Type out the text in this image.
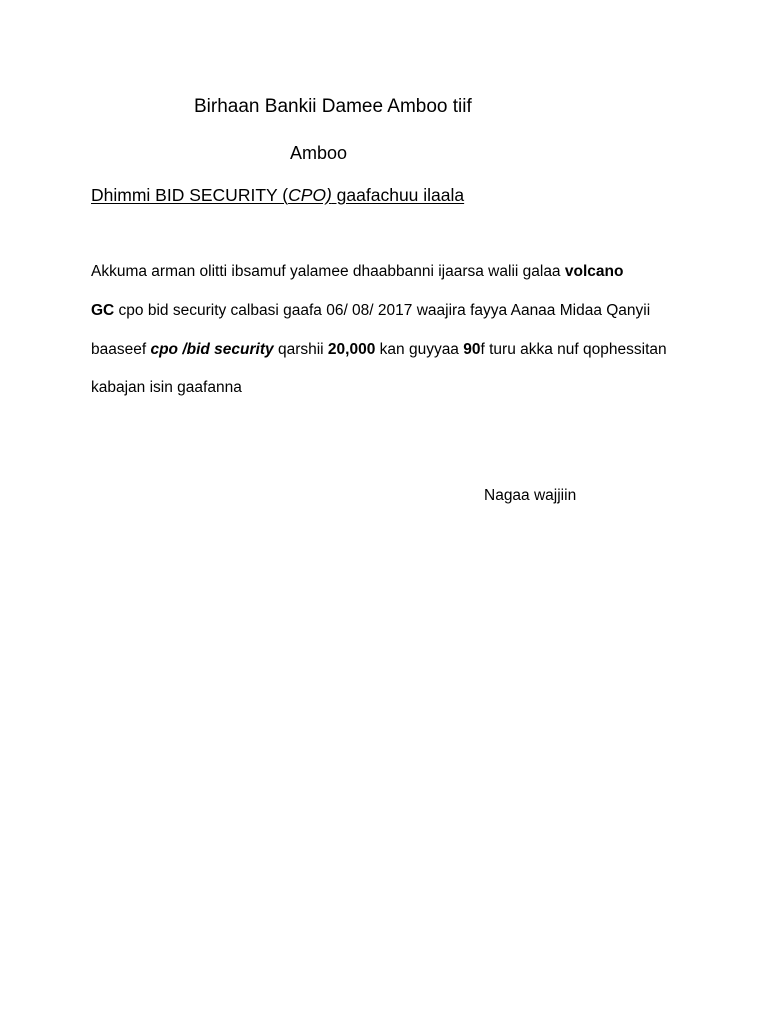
Birhaan Bankii Damee Amboo tiif
Amboo
Dhimmi BID SECURITY (CPO) gaafachuu ilaala
Akkuma arman olitti ibsamuf yalamee dhaabbanni ijaarsa walii galaa volcano
GC cpo bid security calbasi gaafa 06/ 08/ 2017 waajira fayya Aanaa Midaa Qanyii
baaseef cpo /bid security qarshii 20,000 kan guyyaa 90f turu akka nuf qophessitan
kabajan isin gaafanna
Nagaa wajjiin
